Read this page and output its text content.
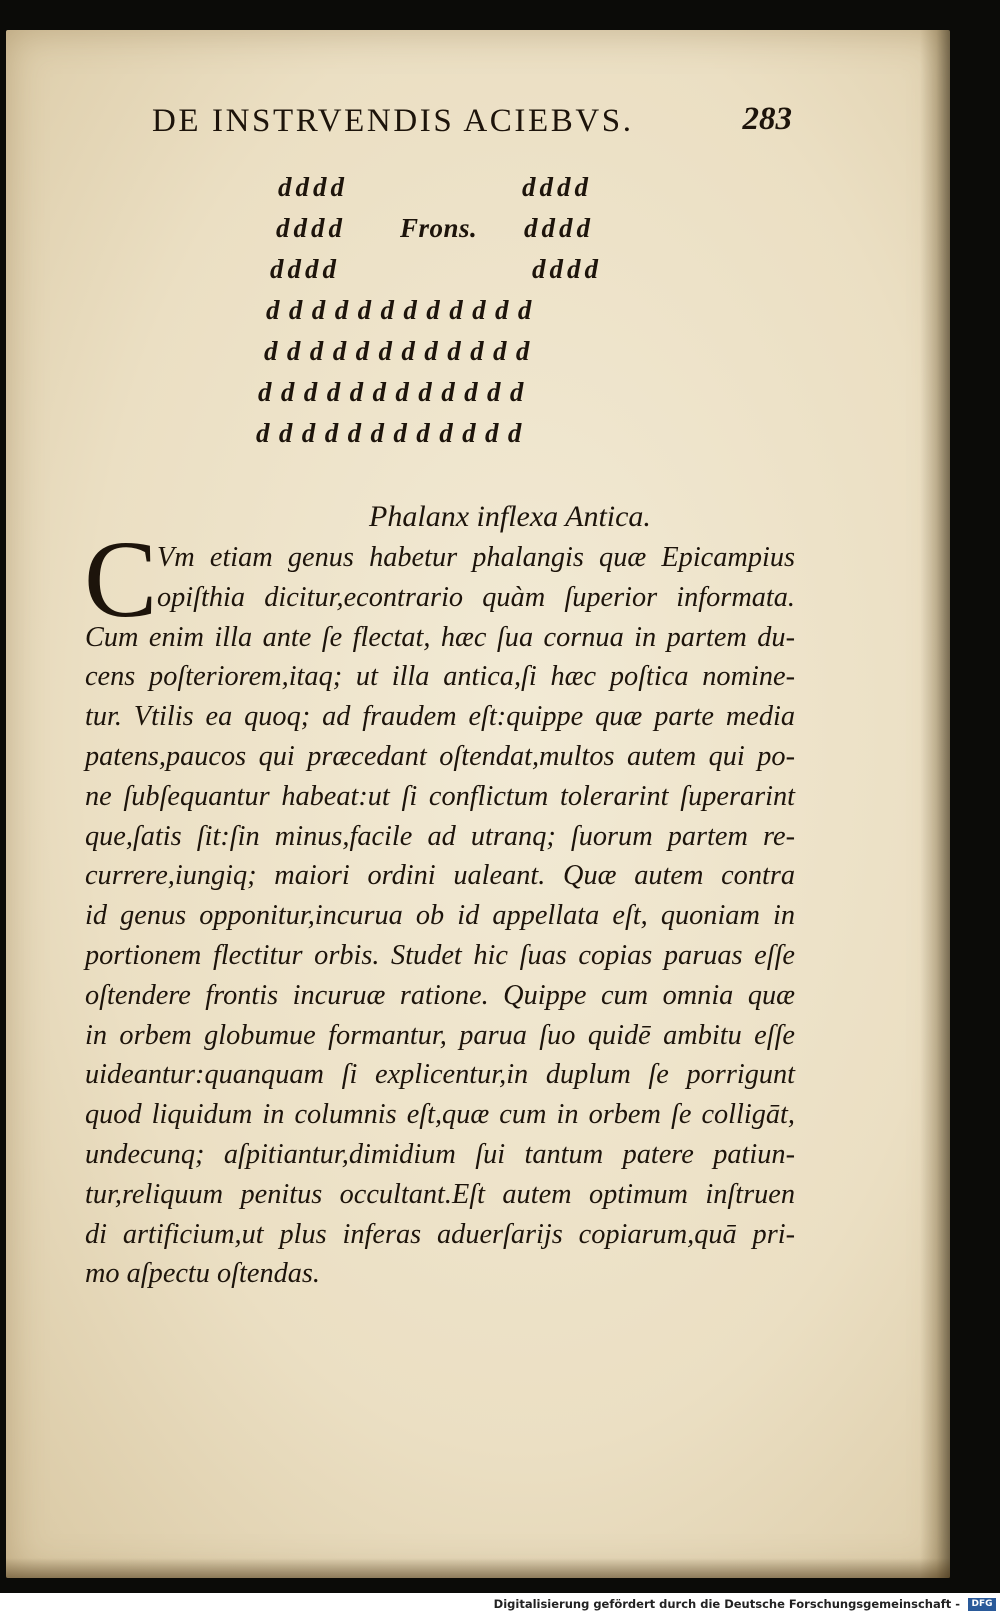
DE INSTRVENDIS ACIEBVS.	283
dddd	dddd
dddd Frons. dddd
dddd	dddd
dddddddddddd
dddddddddddd
dddddddddddd
dddddddddddd
Phalanx inflexa Antica.
C Vm etiam genus habetur phalangis quæ Epicampius
opiſthia dicitur,econtrario quàm ſuperior informata.
Cum enim illa ante ſe flectat, hæc ſua cornua in partem du-
cens poſteriorem,itaq; ut illa antica,ſi hæc poſtica nomine-
tur. Vtilis ea quoq; ad fraudem eſt:quippe quæ parte media
patens,paucos qui præcedant oſtendat,multos autem qui po-
ne ſubſequantur habeat:ut ſi conflictum tolerarint ſuperarint
que,ſatis ſit:ſin minus,facile ad utranq; ſuorum partem re-
currere,iungiq; maiori ordini ualeant. Quæ autem contra
id genus opponitur,incurua ob id appellata eſt, quoniam in
portionem flectitur orbis. Studet hic ſuas copias paruas eſſe
oſtendere frontis incuruæ ratione. Quippe cum omnia quæ
in orbem globumue formantur, parua ſuo quidē ambitu eſſe
uideantur:quanquam ſi explicentur,in duplum ſe porrigunt
quod liquidum in columnis eſt,quæ cum in orbem ſe colligāt,
undecunq; aſpitiantur,dimidium ſui tantum patere patiun-
tur,reliquum penitus occultant.Eſt autem optimum inſtruen
di artificium,ut plus inferas aduerſarijs copiarum,quā pri-
mo aſpectu oſtendas.
Digitalisierung gefördert durch die Deutsche Forschungsgemeinschaft -	DFG
